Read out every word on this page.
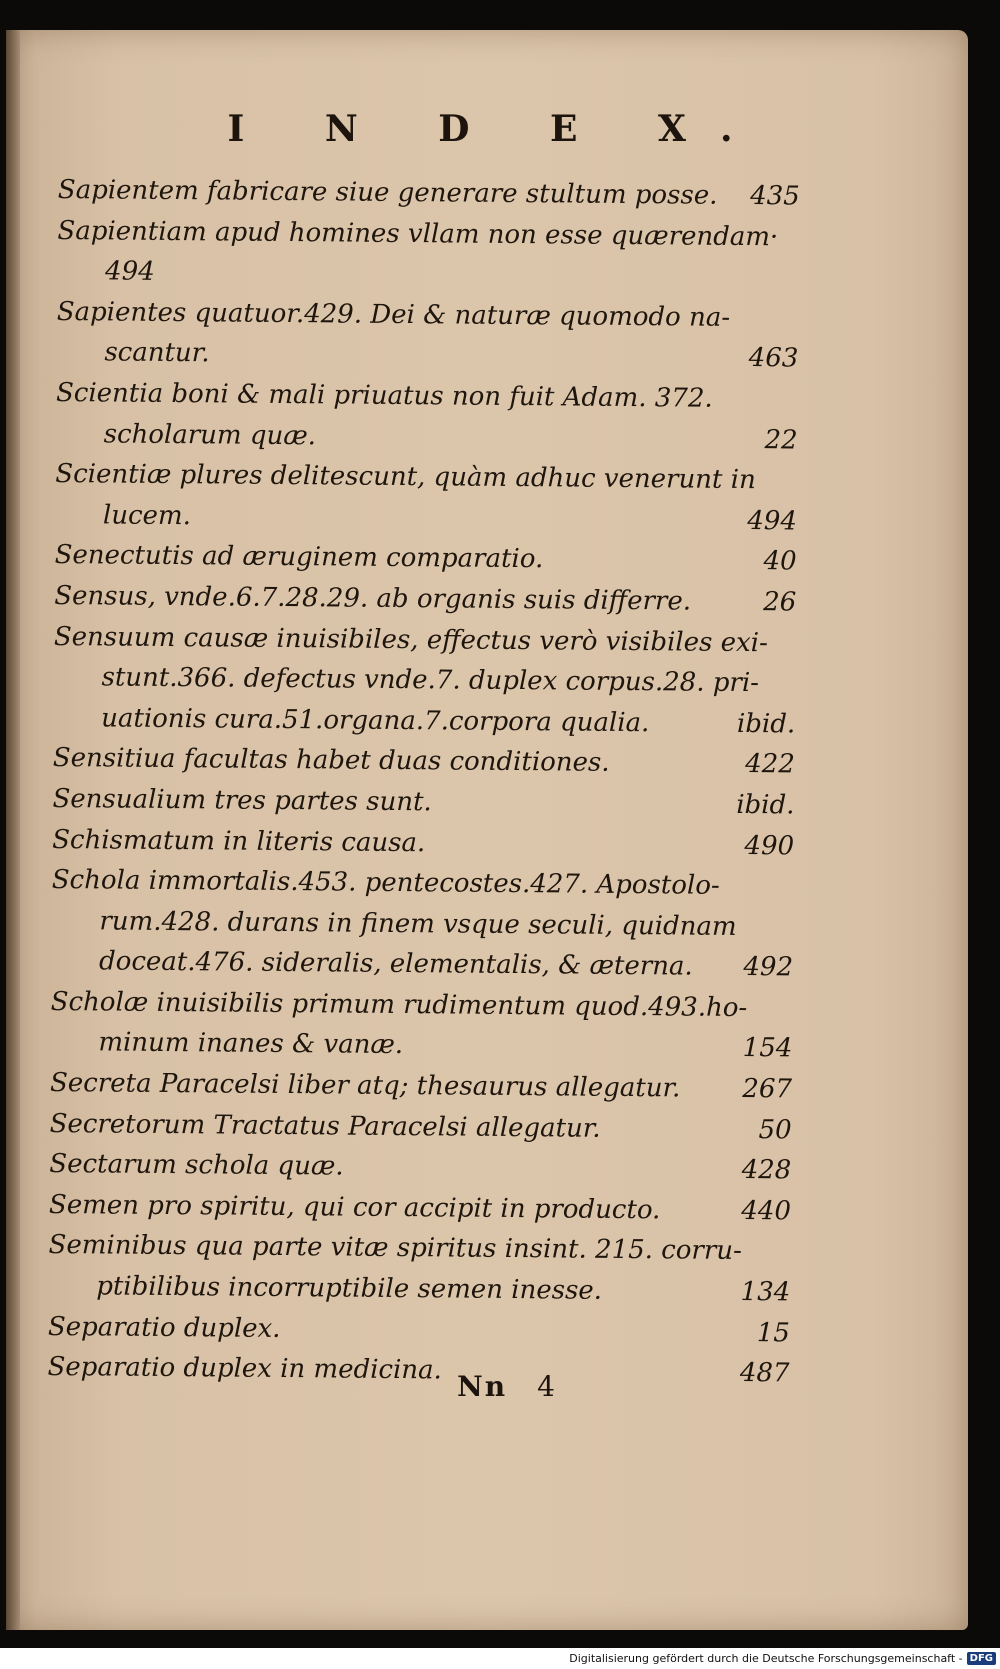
I N D E X.
Sapientem fabricare siue generare stultum posse.	435
Sapientiam apud homines vllam non esse quærendam·
494
Sapientes quatuor.429. Dei & naturæ quomodo na-
scantur.	463
Scientia boni & mali priuatus non fuit Adam. 372.
scholarum quæ.	22
Scientiæ plures delitescunt, quàm adhuc venerunt in
lucem.	494
Senectutis ad æruginem comparatio.	40
Sensus, vnde.6.7.28.29. ab organis suis differre.	26
Sensuum causæ inuisibiles, effectus verò visibiles exi-
stunt.366. defectus vnde.7. duplex corpus.28. pri-
uationis cura.51.organa.7.corpora qualia.	ibid.
Sensitiua facultas habet duas conditiones.	422
Sensualium tres partes sunt.	ibid.
Schismatum in literis causa.	490
Schola immortalis.453. pentecostes.427. Apostolo-
rum.428. durans in finem vsque seculi, quidnam
doceat.476. sideralis, elementalis, & æterna.	492
Scholæ inuisibilis primum rudimentum quod.493.ho-
minum inanes & vanæ.	154
Secreta Paracelsi liber atq; thesaurus allegatur.	267
Secretorum Tractatus Paracelsi allegatur.	50
Sectarum schola quæ.	428
Semen pro spiritu, qui cor accipit in producto.	440
Seminibus qua parte vitæ spiritus insint. 215. corru-
ptibilibus incorruptibile semen inesse.	134
Separatio duplex.	15
Separatio duplex in medicina.	487
Nn 4
Digitalisierung gefördert durch die Deutsche Forschungsgemeinschaft - DFG
